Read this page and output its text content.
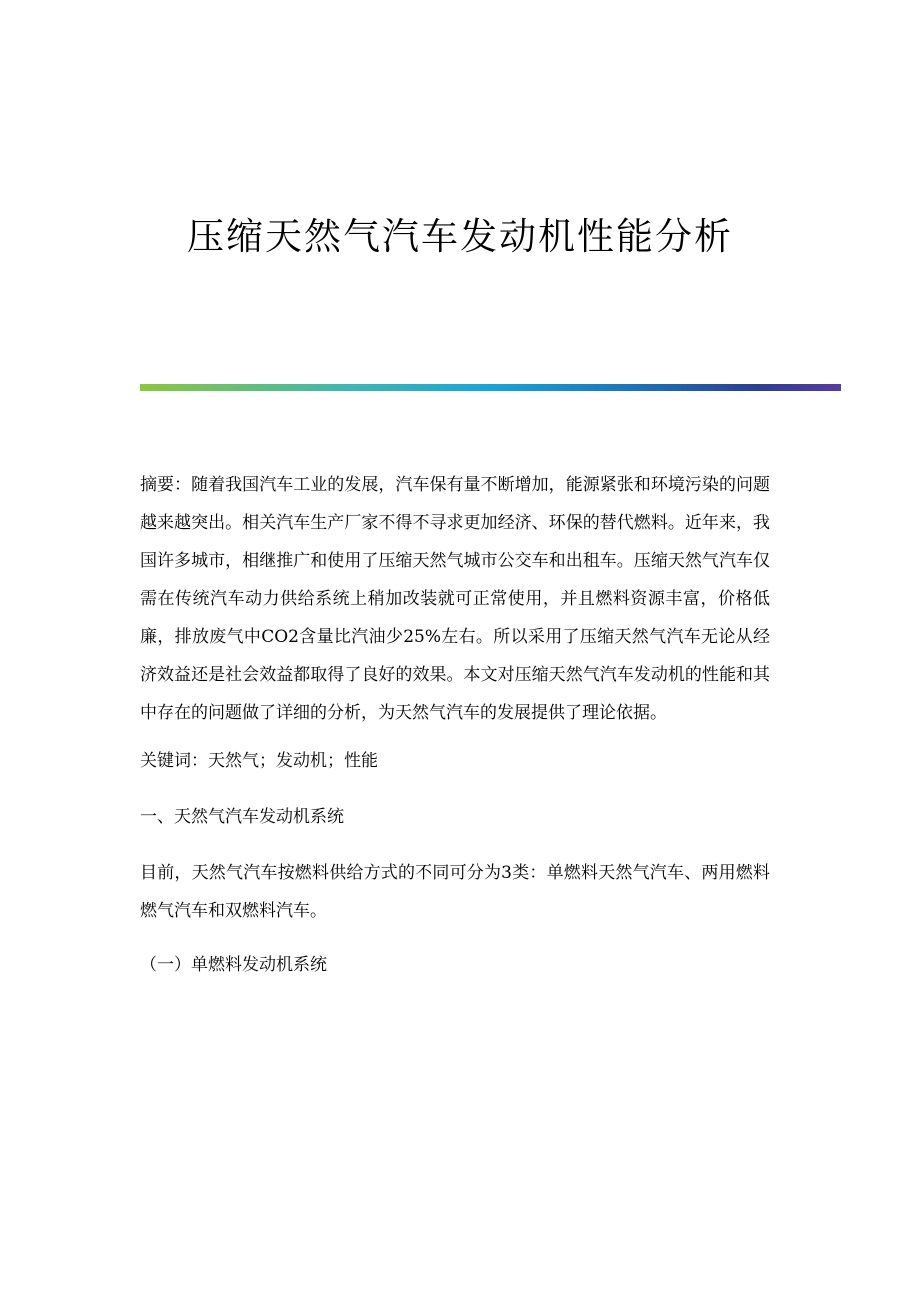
压缩天然气汽车发动机性能分析

摘要：随着我国汽车工业的发展，汽车保有量不断增加，能源紧张和环境污染的问题越来越突出。相关汽车生产厂家不得不寻求更加经济、环保的替代燃料。近年来，我国许多城市，相继推广和使用了压缩天然气城市公交车和出租车。压缩天然气汽车仅需在传统汽车动力供给系统上稍加改装就可正常使用，并且燃料资源丰富，价格低廉，排放废气中CO2含量比汽油少25%左右。所以采用了压缩天然气汽车无论从经济效益还是社会效益都取得了良好的效果。本文对压缩天然气汽车发动机的性能和其中存在的问题做了详细的分析，为天然气汽车的发展提供了理论依据。

关键词：天然气；发动机；性能

一、天然气汽车发动机系统

目前，天然气汽车按燃料供给方式的不同可分为3类：单燃料天然气汽车、两用燃料燃气汽车和双燃料汽车。

（一）单燃料发动机系统
